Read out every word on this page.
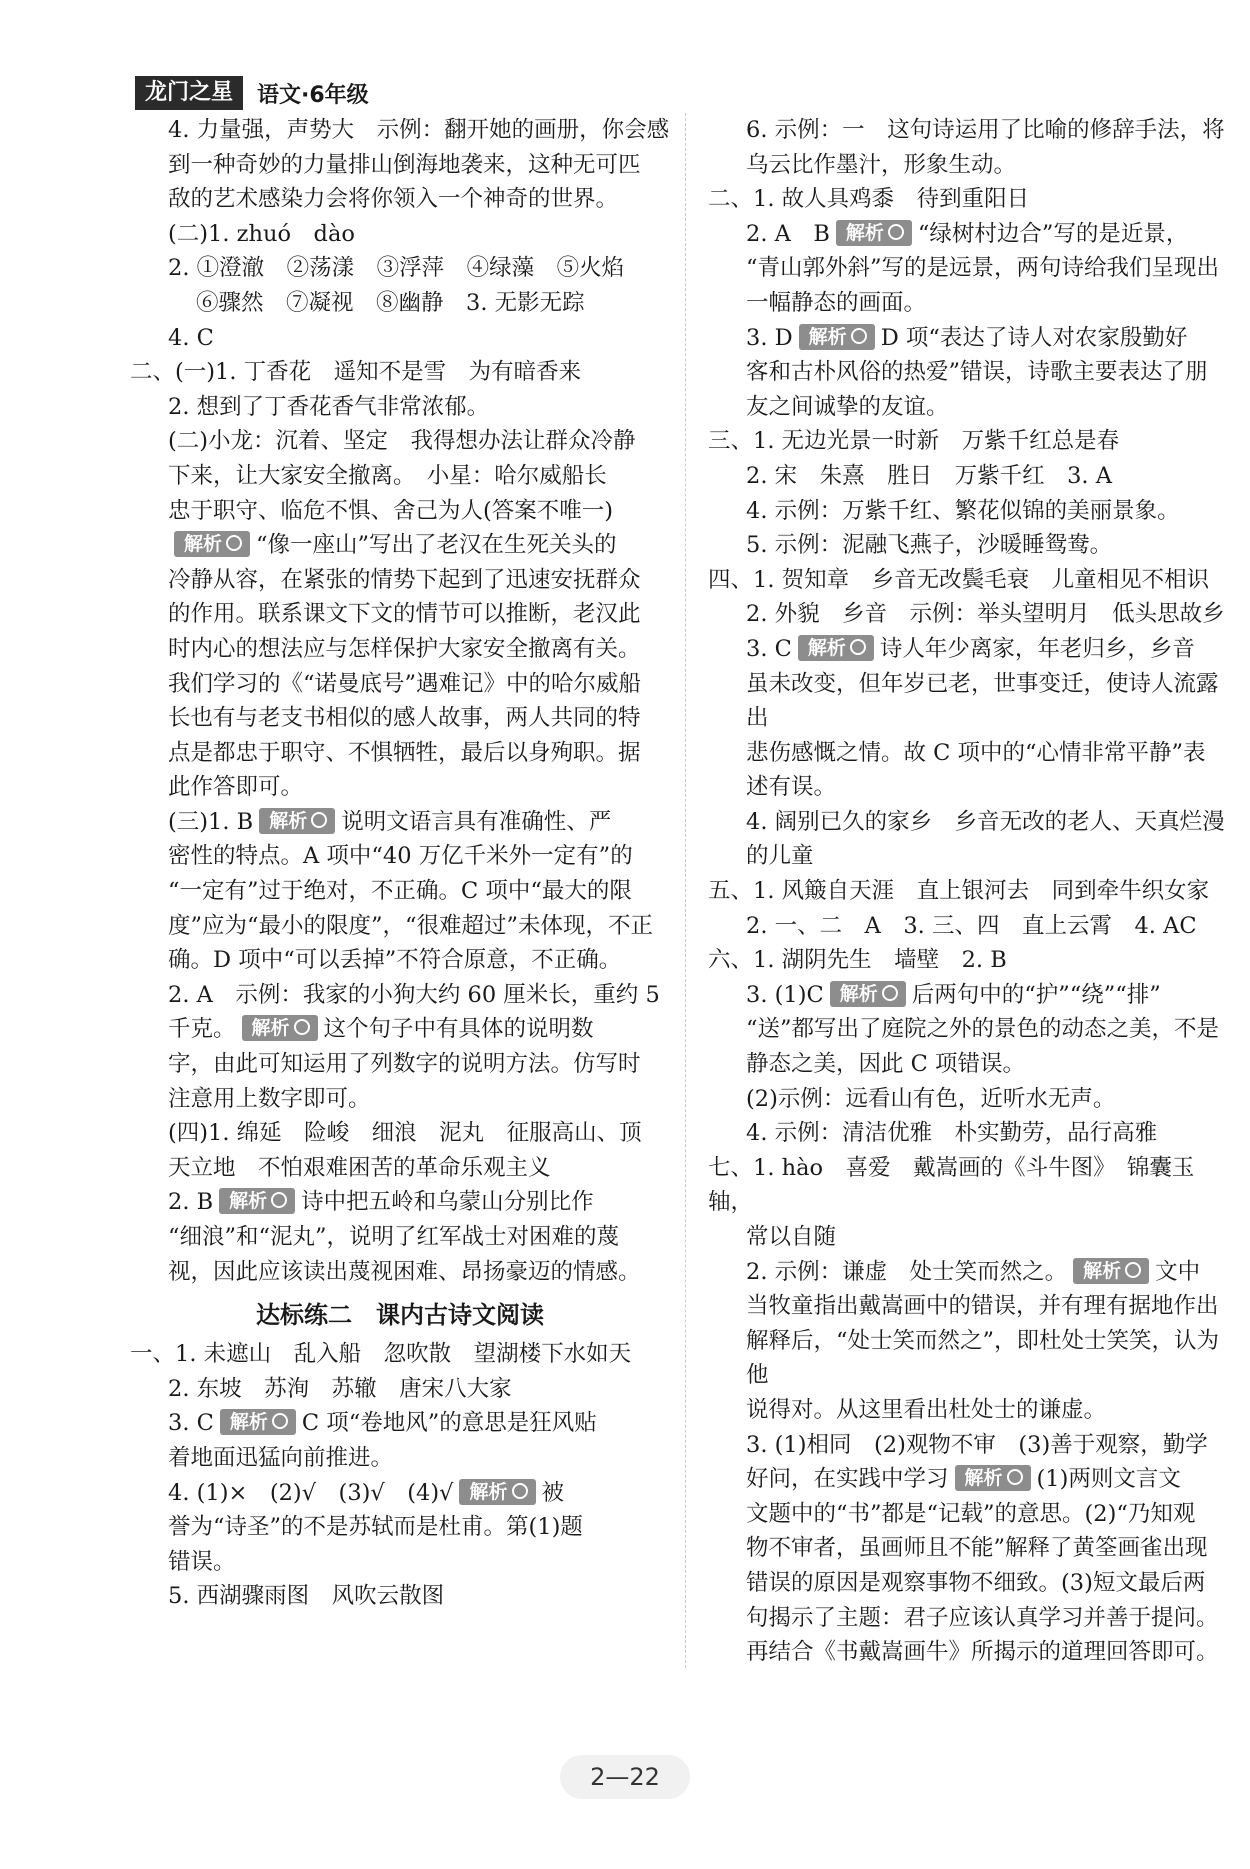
龙门之星	语文·6年级

4. 力量强，声势大　示例：翻开她的画册，你会感

到一种奇妙的力量排山倒海地袭来，这种无可匹

敌的艺术感染力会将你领入一个神奇的世界。

(二)1. zhuó　dào

2. ①澄澈　②荡漾　③浮萍　④绿藻　⑤火焰

⑥骤然　⑦凝视　⑧幽静　3. 无影无踪

4. C

二、(一)1. 丁香花　遥知不是雪　为有暗香来

2. 想到了丁香花香气非常浓郁。

(二)小龙：沉着、坚定　我得想办法让群众冷静

下来，让大家安全撤离。　小星：哈尔威船长

忠于职守、临危不惧、舍己为人(答案不唯一)

解析 “像一座山”写出了老汉在生死关头的

冷静从容，在紧张的情势下起到了迅速安抚群众

的作用。联系课文下文的情节可以推断，老汉此

时内心的想法应与怎样保护大家安全撤离有关。

我们学习的《“诺曼底号”遇难记》中的哈尔威船

长也有与老支书相似的感人故事，两人共同的特

点是都忠于职守、不惧牺牲，最后以身殉职。据

此作答即可。

(三)1. B 解析 说明文语言具有准确性、严

密性的特点。A 项中“40 万亿千米外一定有”的

“一定有”过于绝对，不正确。C 项中“最大的限

度”应为“最小的限度”，“很难超过”未体现，不正

确。D 项中“可以丢掉”不符合原意，不正确。

2. A　示例：我家的小狗大约 60 厘米长，重约 5

千克。 解析 这个句子中有具体的说明数

字，由此可知运用了列数字的说明方法。仿写时

注意用上数字即可。

(四)1. 绵延　险峻　细浪　泥丸　征服高山、顶

天立地　不怕艰难困苦的革命乐观主义

2. B 解析 诗中把五岭和乌蒙山分别比作

“细浪”和“泥丸”，说明了红军战士对困难的蔑

视，因此应该读出蔑视困难、昂扬豪迈的情感。

达标练二　课内古诗文阅读

一、1. 未遮山　乱入船　忽吹散　望湖楼下水如天

2. 东坡　苏洵　苏辙　唐宋八大家

3. C 解析 C 项“卷地风”的意思是狂风贴

着地面迅猛向前推进。

4. (1)×　(2)√　(3)√　(4)√ 解析 被

誉为“诗圣”的不是苏轼而是杜甫。第(1)题

错误。

5. 西湖骤雨图　风吹云散图

6. 示例：一　这句诗运用了比喻的修辞手法，将

乌云比作墨汁，形象生动。

二、1. 故人具鸡黍　待到重阳日

2. A　B 解析 “绿树村边合”写的是近景，

“青山郭外斜”写的是远景，两句诗给我们呈现出

一幅静态的画面。

3. D 解析 D 项“表达了诗人对农家殷勤好

客和古朴风俗的热爱”错误，诗歌主要表达了朋

友之间诚挚的友谊。

三、1. 无边光景一时新　万紫千红总是春

2. 宋　朱熹　胜日　万紫千红　3. A

4. 示例：万紫千红、繁花似锦的美丽景象。

5. 示例：泥融飞燕子，沙暖睡鸳鸯。

四、1. 贺知章　乡音无改鬓毛衰　儿童相见不相识

2. 外貌　乡音　示例：举头望明月　低头思故乡

3. C 解析 诗人年少离家，年老归乡，乡音

虽未改变，但年岁已老，世事变迁，使诗人流露出

悲伤感慨之情。故 C 项中的“心情非常平静”表

述有误。

4. 阔别已久的家乡　乡音无改的老人、天真烂漫

的儿童

五、1. 风簸自天涯　直上银河去　同到牵牛织女家

2. 一、二　A　3. 三、四　直上云霄　4. AC

六、1. 湖阴先生　墙壁　2. B

3. (1)C 解析 后两句中的“护”“绕”“排”

“送”都写出了庭院之外的景色的动态之美，不是

静态之美，因此 C 项错误。

(2)示例：远看山有色，近听水无声。

4. 示例：清洁优雅　朴实勤劳，品行高雅

七、1. hào　喜爱　戴嵩画的《斗牛图》　锦囊玉轴，

常以自随

2. 示例：谦虚　处士笑而然之。 解析 文中

当牧童指出戴嵩画中的错误，并有理有据地作出

解释后，“处士笑而然之”，即杜处士笑笑，认为他

说得对。从这里看出杜处士的谦虚。

3. (1)相同　(2)观物不审　(3)善于观察，勤学

好问，在实践中学习 解析 (1)两则文言文

文题中的“书”都是“记载”的意思。(2)“乃知观

物不审者，虽画师且不能”解释了黄筌画雀出现

错误的原因是观察事物不细致。(3)短文最后两

句揭示了主题：君子应该认真学习并善于提问。

再结合《书戴嵩画牛》所揭示的道理回答即可。

2—22
